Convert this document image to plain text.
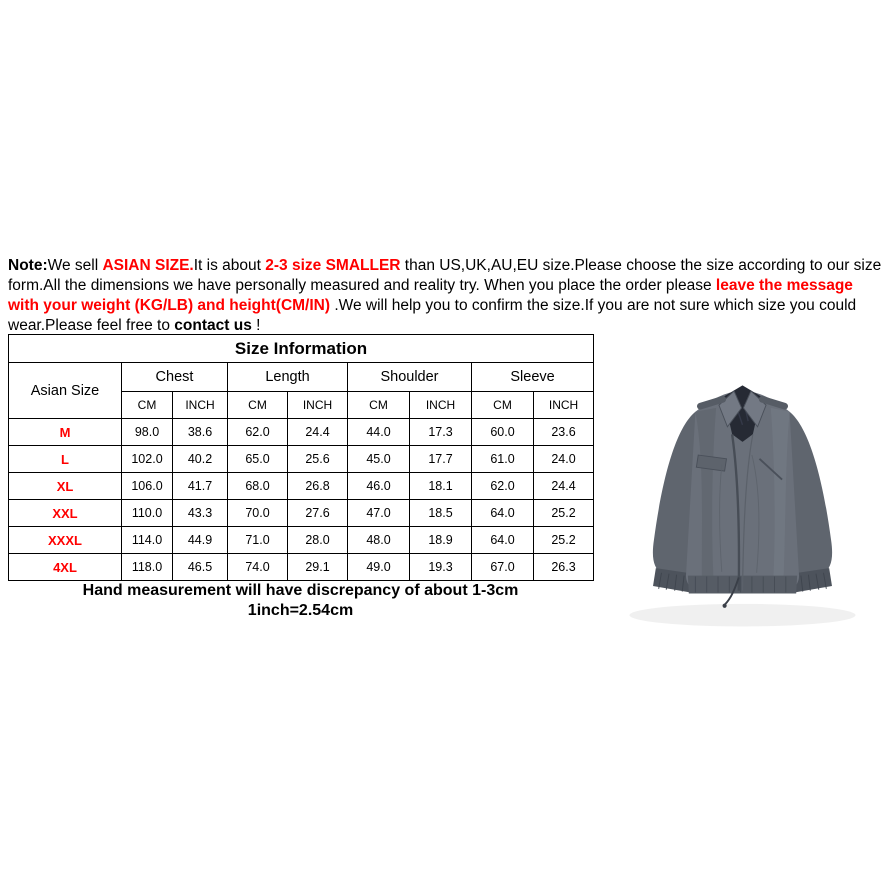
Note:We sell ASIAN SIZE.It is about 2-3 size SMALLER than US,UK,AU,EU size.Please choose the size according to our size form.All the dimensions we have personally measured and reality try. When you place the order please leave the message with your weight (KG/LB) and height(CM/IN) .We will help you to confirm the size.If you are not sure which size you could wear.Please feel free to contact us !

Size Information								
Asian Size	Chest		Length		Shoulder		Sleeve	
	CM	INCH	CM	INCH	CM	INCH	CM	INCH
M	98.0	38.6	62.0	24.4	44.0	17.3	60.0	23.6
L	102.0	40.2	65.0	25.6	45.0	17.7	61.0	24.0
XL	106.0	41.7	68.0	26.8	46.0	18.1	62.0	24.4
XXL	110.0	43.3	70.0	27.6	47.0	18.5	64.0	25.2
XXXL	114.0	44.9	71.0	28.0	48.0	18.9	64.0	25.2
4XL	118.0	46.5	74.0	29.1	49.0	19.3	67.0	26.3
Hand measurement will have discrepancy of about 1-3cm
1inch=2.54cm
